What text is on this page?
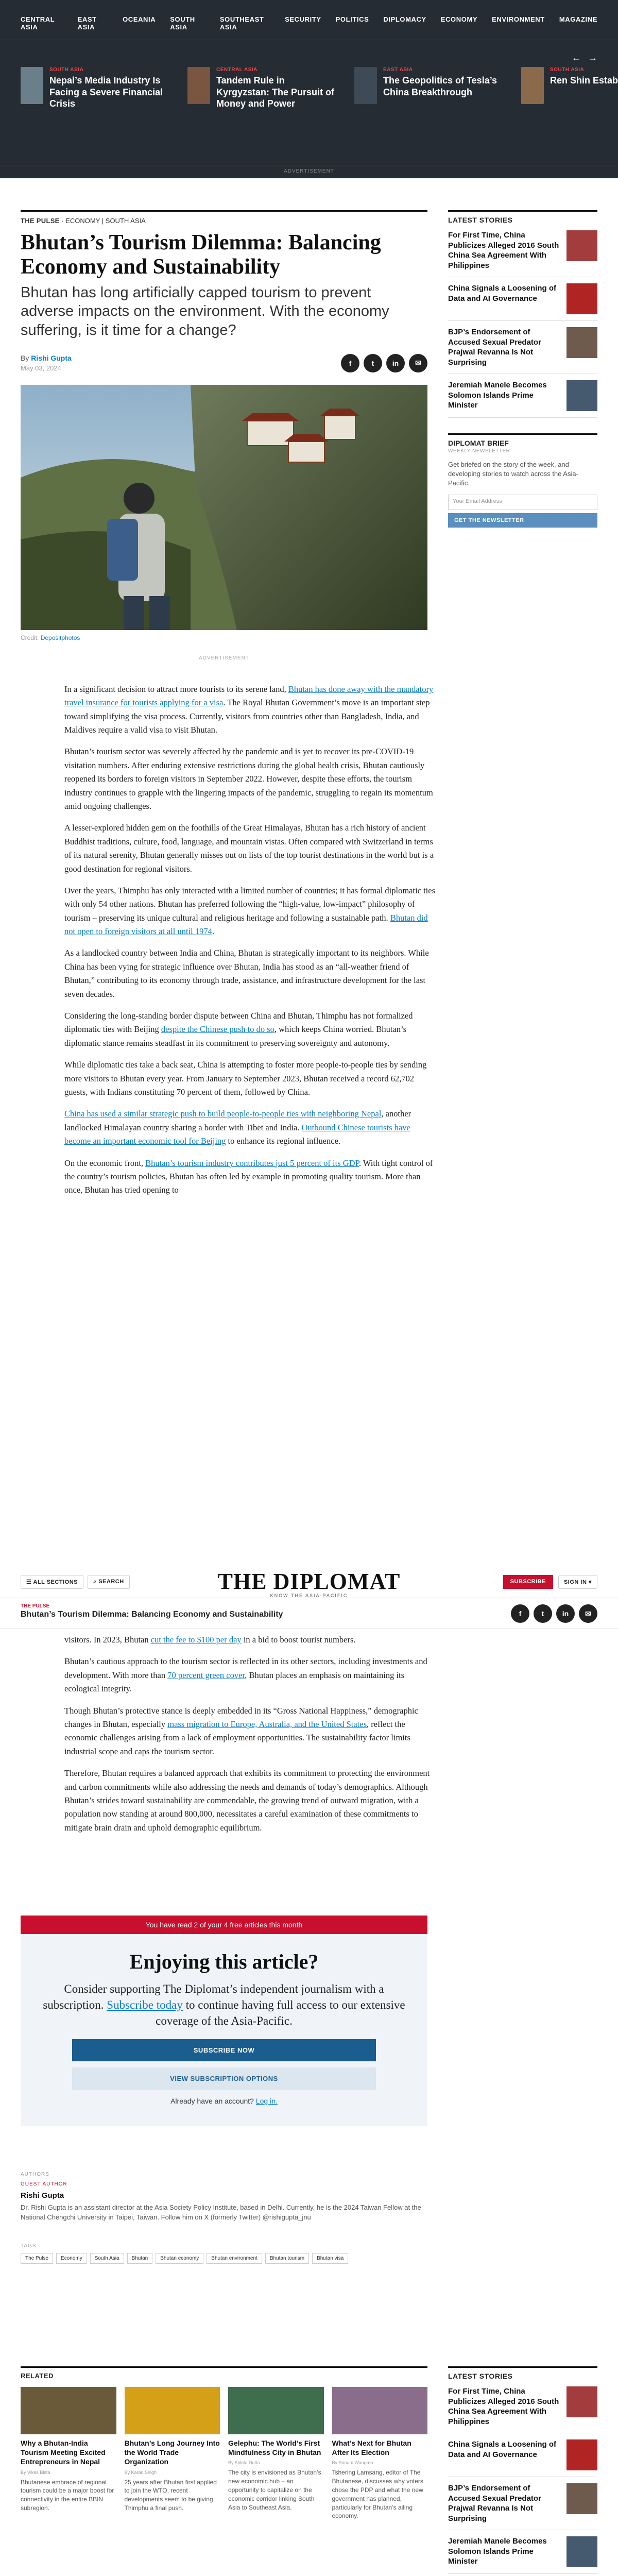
CENTRAL ASIA
EAST ASIA
OCEANIA SOUTH ASIA
SOUTHEAST ASIA
SECURITY POLITICS DIPLOMACY ECONOMY ENVIRONMENT MAGAZINE
← →
SOUTH ASIA
Nepal’s Media Industry Is Facing a Severe Financial Crisis
CENTRAL ASIA
Tandem Rule in Kyrgyzstan: The Pursuit of Money and Power
EAST ASIA
The Geopolitics of Tesla’s China Breakthrough
SOUTH ASIA
Ren Shin Estab
ADVERTISEMENT
THE PULSE · ECONOMY | SOUTH ASIA
Bhutan’s Tourism Dilemma: Balancing Economy and Sustainability
Bhutan has long artificially capped tourism to prevent adverse impacts on the environment. With the economy suffering, is it time for a change?
By Rishi Gupta
May 03, 2024
f	t	in	✉
Credit: Depositphotos
ADVERTISEMENT

In a significant decision to attract more tourists to its serene land, Bhutan has done away with the mandatory travel insurance for tourists applying for a visa. The Royal Bhutan Government’s move is an important step toward simplifying the visa process. Currently, visitors from countries other than Bangladesh, India, and Maldives require a valid visa to visit Bhutan.

Bhutan’s tourism sector was severely affected by the pandemic and is yet to recover its pre-COVID-19 visitation numbers. After enduring extensive restrictions during the global health crisis, Bhutan cautiously reopened its borders to foreign visitors in September 2022. However, despite these efforts, the tourism industry continues to grapple with the lingering impacts of the pandemic, struggling to regain its momentum amid ongoing challenges.

A lesser-explored hidden gem on the foothills of the Great Himalayas, Bhutan has a rich history of ancient Buddhist traditions, culture, food, language, and mountain vistas. Often compared with Switzerland in terms of its natural serenity, Bhutan generally misses out on lists of the top tourist destinations in the world but is a good destination for regional visitors.

Over the years, Thimphu has only interacted with a limited number of countries; it has formal diplomatic ties with only 54 other nations. Bhutan has preferred following the “high-value, low-impact” philosophy of tourism – preserving its unique cultural and religious heritage and following a sustainable path. Bhutan did not open to foreign visitors at all until 1974.

As a landlocked country between India and China, Bhutan is strategically important to its neighbors. While China has been vying for strategic influence over Bhutan, India has stood as an “all-weather friend of Bhutan,” contributing to its economy through trade, assistance, and infrastructure development for the last seven decades.

Considering the long-standing border dispute between China and Bhutan, Thimphu has not formalized diplomatic ties with Beijing despite the Chinese push to do so, which keeps China worried. Bhutan’s diplomatic stance remains steadfast in its commitment to preserving sovereignty and autonomy.

While diplomatic ties take a back seat, China is attempting to foster more people-to-people ties by sending more visitors to Bhutan every year. From January to September 2023, Bhutan received a record 62,702 guests, with Indians constituting 70 percent of them, followed by China.

China has used a similar strategic push to build people-to-people ties with neighboring Nepal, another landlocked Himalayan country sharing a border with Tibet and India. Outbound Chinese tourists have become an important economic tool for Beijing to enhance its regional influence.

On the economic front, Bhutan’s tourism industry contributes just 5 percent of its GDP. With tight control of the country’s tourism policies, Bhutan has often led by example in promoting quality tourism. More than once, Bhutan has tried opening to

LATEST STORIES
For First Time, China Publicizes Alleged 2016 South China Sea Agreement With Philippines
China Signals a Loosening of Data and AI Governance
BJP’s Endorsement of Accused Sexual Predator Prajwal Revanna Is Not Surprising
Jeremiah Manele Becomes Solomon Islands Prime Minister
DIPLOMAT BRIEF
WEEKLY NEWSLETTER
Get briefed on the story of the week, and developing stories to watch across the Asia-Pacific.
Your Email Address
GET THE NEWSLETTER
☰ ALL SECTIONS	⌕ SEARCH	THE DIPLOMAT
KNOW THE ASIA-PACIFIC
SUBSCRIBE	SIGN IN ▾
THE PULSE
Bhutan’s Tourism Dilemma: Balancing Economy and Sustainability	f	t	in	✉

visitors. In 2023, Bhutan cut the fee to $100 per day in a bid to boost tourist numbers.

Bhutan’s cautious approach to the tourism sector is reflected in its other sectors, including investments and development. With more than 70 percent green cover, Bhutan places an emphasis on maintaining its ecological integrity.

Though Bhutan’s protective stance is deeply embedded in its “Gross National Happiness,” demographic changes in Bhutan, especially mass migration to Europe, Australia, and the United States, reflect the economic challenges arising from a lack of employment opportunities. The sustainability factor limits industrial scope and caps the tourism sector.

Therefore, Bhutan requires a balanced approach that exhibits its commitment to protecting the environment and carbon commitments while also addressing the needs and demands of today’s demographics. Although Bhutan’s strides toward sustainability are commendable, the growing trend of outward migration, with a population now standing at around 800,000, necessitates a careful examination of these commitments to mitigate brain drain and uphold demographic equilibrium.

You have read 2 of your 4 free articles this month
Enjoying this article?

Consider supporting The Diplomat’s independent journalism with a subscription. Subscribe today to continue having full access to our extensive coverage of the Asia-Pacific.

SUBSCRIBE NOW
VIEW SUBSCRIPTION OPTIONS
Already have an account? Log in.
AUTHORS
GUEST AUTHOR
Rishi Gupta
Dr. Rishi Gupta is an assistant director at the Asia Society Policy Institute, based in Delhi. Currently, he is the 2024 Taiwan Fellow at the National Chengchi University in Taipei, Taiwan. Follow him on X (formerly Twitter) @rishigupta_jnu
TAGS
The Pulse	Economy	South Asia	Bhutan	Bhutan economy	Bhutan environment	Bhutan tourism	Bhutan visa
RELATED
Why a Bhutan-India Tourism Meeting Excited Entrepreneurs in Nepal
By Vikas Bista
Bhutanese embrace of regional tourism could be a major boost for connectivity in the entire BBIN subregion.
Bhutan’s Long Journey Into the World Trade Organization
By Karan Singh
25 years after Bhutan first applied to join the WTO, recent developments seem to be giving Thimphu a final push.
Gelephu: The World’s First Mindfulness City in Bhutan
By Ankita Dutta
The city is envisioned as Bhutan’s new economic hub – an opportunity to capitalize on the economic corridor linking South Asia to Southeast Asia.
What’s Next for Bhutan After Its Election
By Sonam Wangmo
Tshering Lamsang, editor of The Bhutanese, discusses why voters chose the PDP and what the new government has planned, particularly for Bhutan’s ailing economy.
LATEST STORIES
For First Time, China Publicizes Alleged 2016 South China Sea Agreement With Philippines
China Signals a Loosening of Data and AI Governance
BJP’s Endorsement of Accused Sexual Predator Prajwal Revanna Is Not Surprising
Jeremiah Manele Becomes Solomon Islands Prime Minister
